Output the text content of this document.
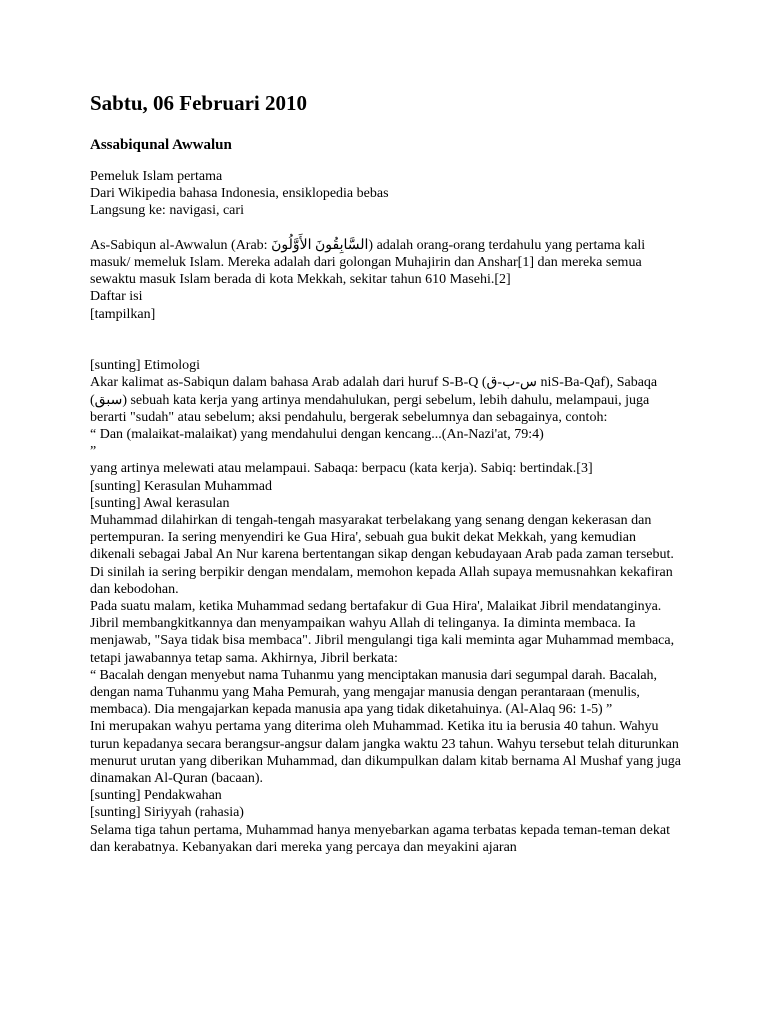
Sabtu, 06 Februari 2010
Assabiqunal Awwalun

Pemeluk Islam pertama

Dari Wikipedia bahasa Indonesia, ensiklopedia bebas

Langsung ke: navigasi, cari

As-Sabiqun al-Awwalun (Arab: السَّابِقُونَ الأَوَّلُونَ) adalah orang-orang terdahulu yang pertama kali masuk/ memeluk Islam. Mereka adalah dari golongan Muhajirin dan Anshar[1] dan mereka semua sewaktu masuk Islam berada di kota Mekkah, sekitar tahun 610 Masehi.[2]

Daftar isi

[tampilkan]

[sunting] Etimologi

Akar kalimat as-Sabiqun dalam bahasa Arab adalah dari huruf S-B-Q (س-ب-ق niS-Ba-Qaf), Sabaqa (سبق) sebuah kata kerja yang artinya mendahulukan, pergi sebelum, lebih dahulu, melampaui, juga berarti "sudah" atau sebelum; aksi pendahulu, bergerak sebelumnya dan sebagainya, contoh:

“ Dan (malaikat-malaikat) yang mendahului dengan kencang...(An-Nazi'at, 79:4)

”

yang artinya melewati atau melampaui. Sabaqa: berpacu (kata kerja). Sabiq: bertindak.[3]

[sunting] Kerasulan Muhammad

[sunting] Awal kerasulan

Muhammad dilahirkan di tengah-tengah masyarakat terbelakang yang senang dengan kekerasan dan pertempuran. Ia sering menyendiri ke Gua Hira', sebuah gua bukit dekat Mekkah, yang kemudian dikenali sebagai Jabal An Nur karena bertentangan sikap dengan kebudayaan Arab pada zaman tersebut. Di sinilah ia sering berpikir dengan mendalam, memohon kepada Allah supaya memusnahkan kekafiran dan kebodohan.

Pada suatu malam, ketika Muhammad sedang bertafakur di Gua Hira', Malaikat Jibril mendatanginya. Jibril membangkitkannya dan menyampaikan wahyu Allah di telinganya. Ia diminta membaca. Ia menjawab, "Saya tidak bisa membaca". Jibril mengulangi tiga kali meminta agar Muhammad membaca, tetapi jawabannya tetap sama. Akhirnya, Jibril berkata:

“ Bacalah dengan menyebut nama Tuhanmu yang menciptakan manusia dari segumpal darah. Bacalah, dengan nama Tuhanmu yang Maha Pemurah, yang mengajar manusia dengan perantaraan (menulis, membaca). Dia mengajarkan kepada manusia apa yang tidak diketahuinya. (Al-Alaq 96: 1-5) ”

Ini merupakan wahyu pertama yang diterima oleh Muhammad. Ketika itu ia berusia 40 tahun. Wahyu turun kepadanya secara berangsur-angsur dalam jangka waktu 23 tahun. Wahyu tersebut telah diturunkan menurut urutan yang diberikan Muhammad, dan dikumpulkan dalam kitab bernama Al Mushaf yang juga dinamakan Al-Quran (bacaan).

[sunting] Pendakwahan

[sunting] Siriyyah (rahasia)

Selama tiga tahun pertama, Muhammad hanya menyebarkan agama terbatas kepada teman-teman dekat dan kerabatnya. Kebanyakan dari mereka yang percaya dan meyakini ajaran
